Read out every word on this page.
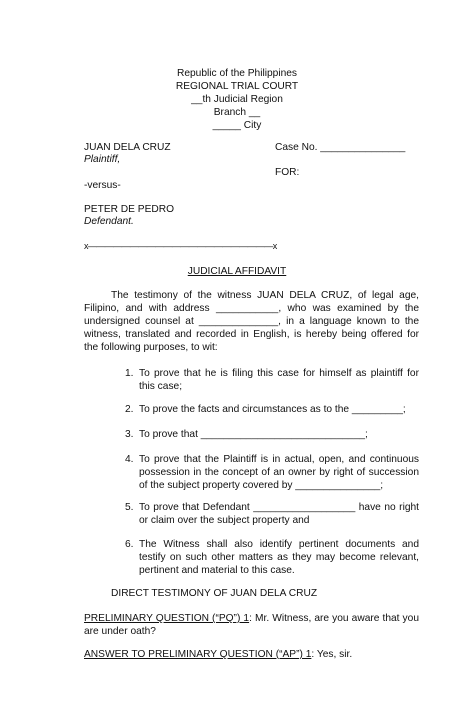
Republic of the Philippines
REGIONAL TRIAL COURT
__th Judicial Region
Branch __
_____ City
JUAN DELA CRUZ
Plaintiff,
Case No. _______________
FOR:
-versus-
PETER DE PEDRO
Defendant.
x——————————————————————x
JUDICIAL AFFIDAVIT
The testimony of the witness JUAN DELA CRUZ, of legal age, Filipino, and with address ___________, who was examined by the undersigned counsel at ______________, in a language known to the witness, translated and recorded in English, is hereby being offered for the following purposes, to wit:
1. To prove that he is filing this case for himself as plaintiff for this case;
2. To prove the facts and circumstances as to the _________;
3. To prove that _____________________________;
4. To prove that the Plaintiff is in actual, open, and continuous possession in the concept of an owner by right of succession of the subject property covered by _______________;
5. To prove that Defendant __________________ have no right or claim over the subject property and
6. The Witness shall also identify pertinent documents and testify on such other matters as they may become relevant, pertinent and material to this case.
DIRECT TESTIMONY OF JUAN DELA CRUZ
PRELIMINARY QUESTION (“PQ”) 1: Mr. Witness, are you aware that you are under oath?
ANSWER TO PRELIMINARY QUESTION (“AP”) 1: Yes, sir.
